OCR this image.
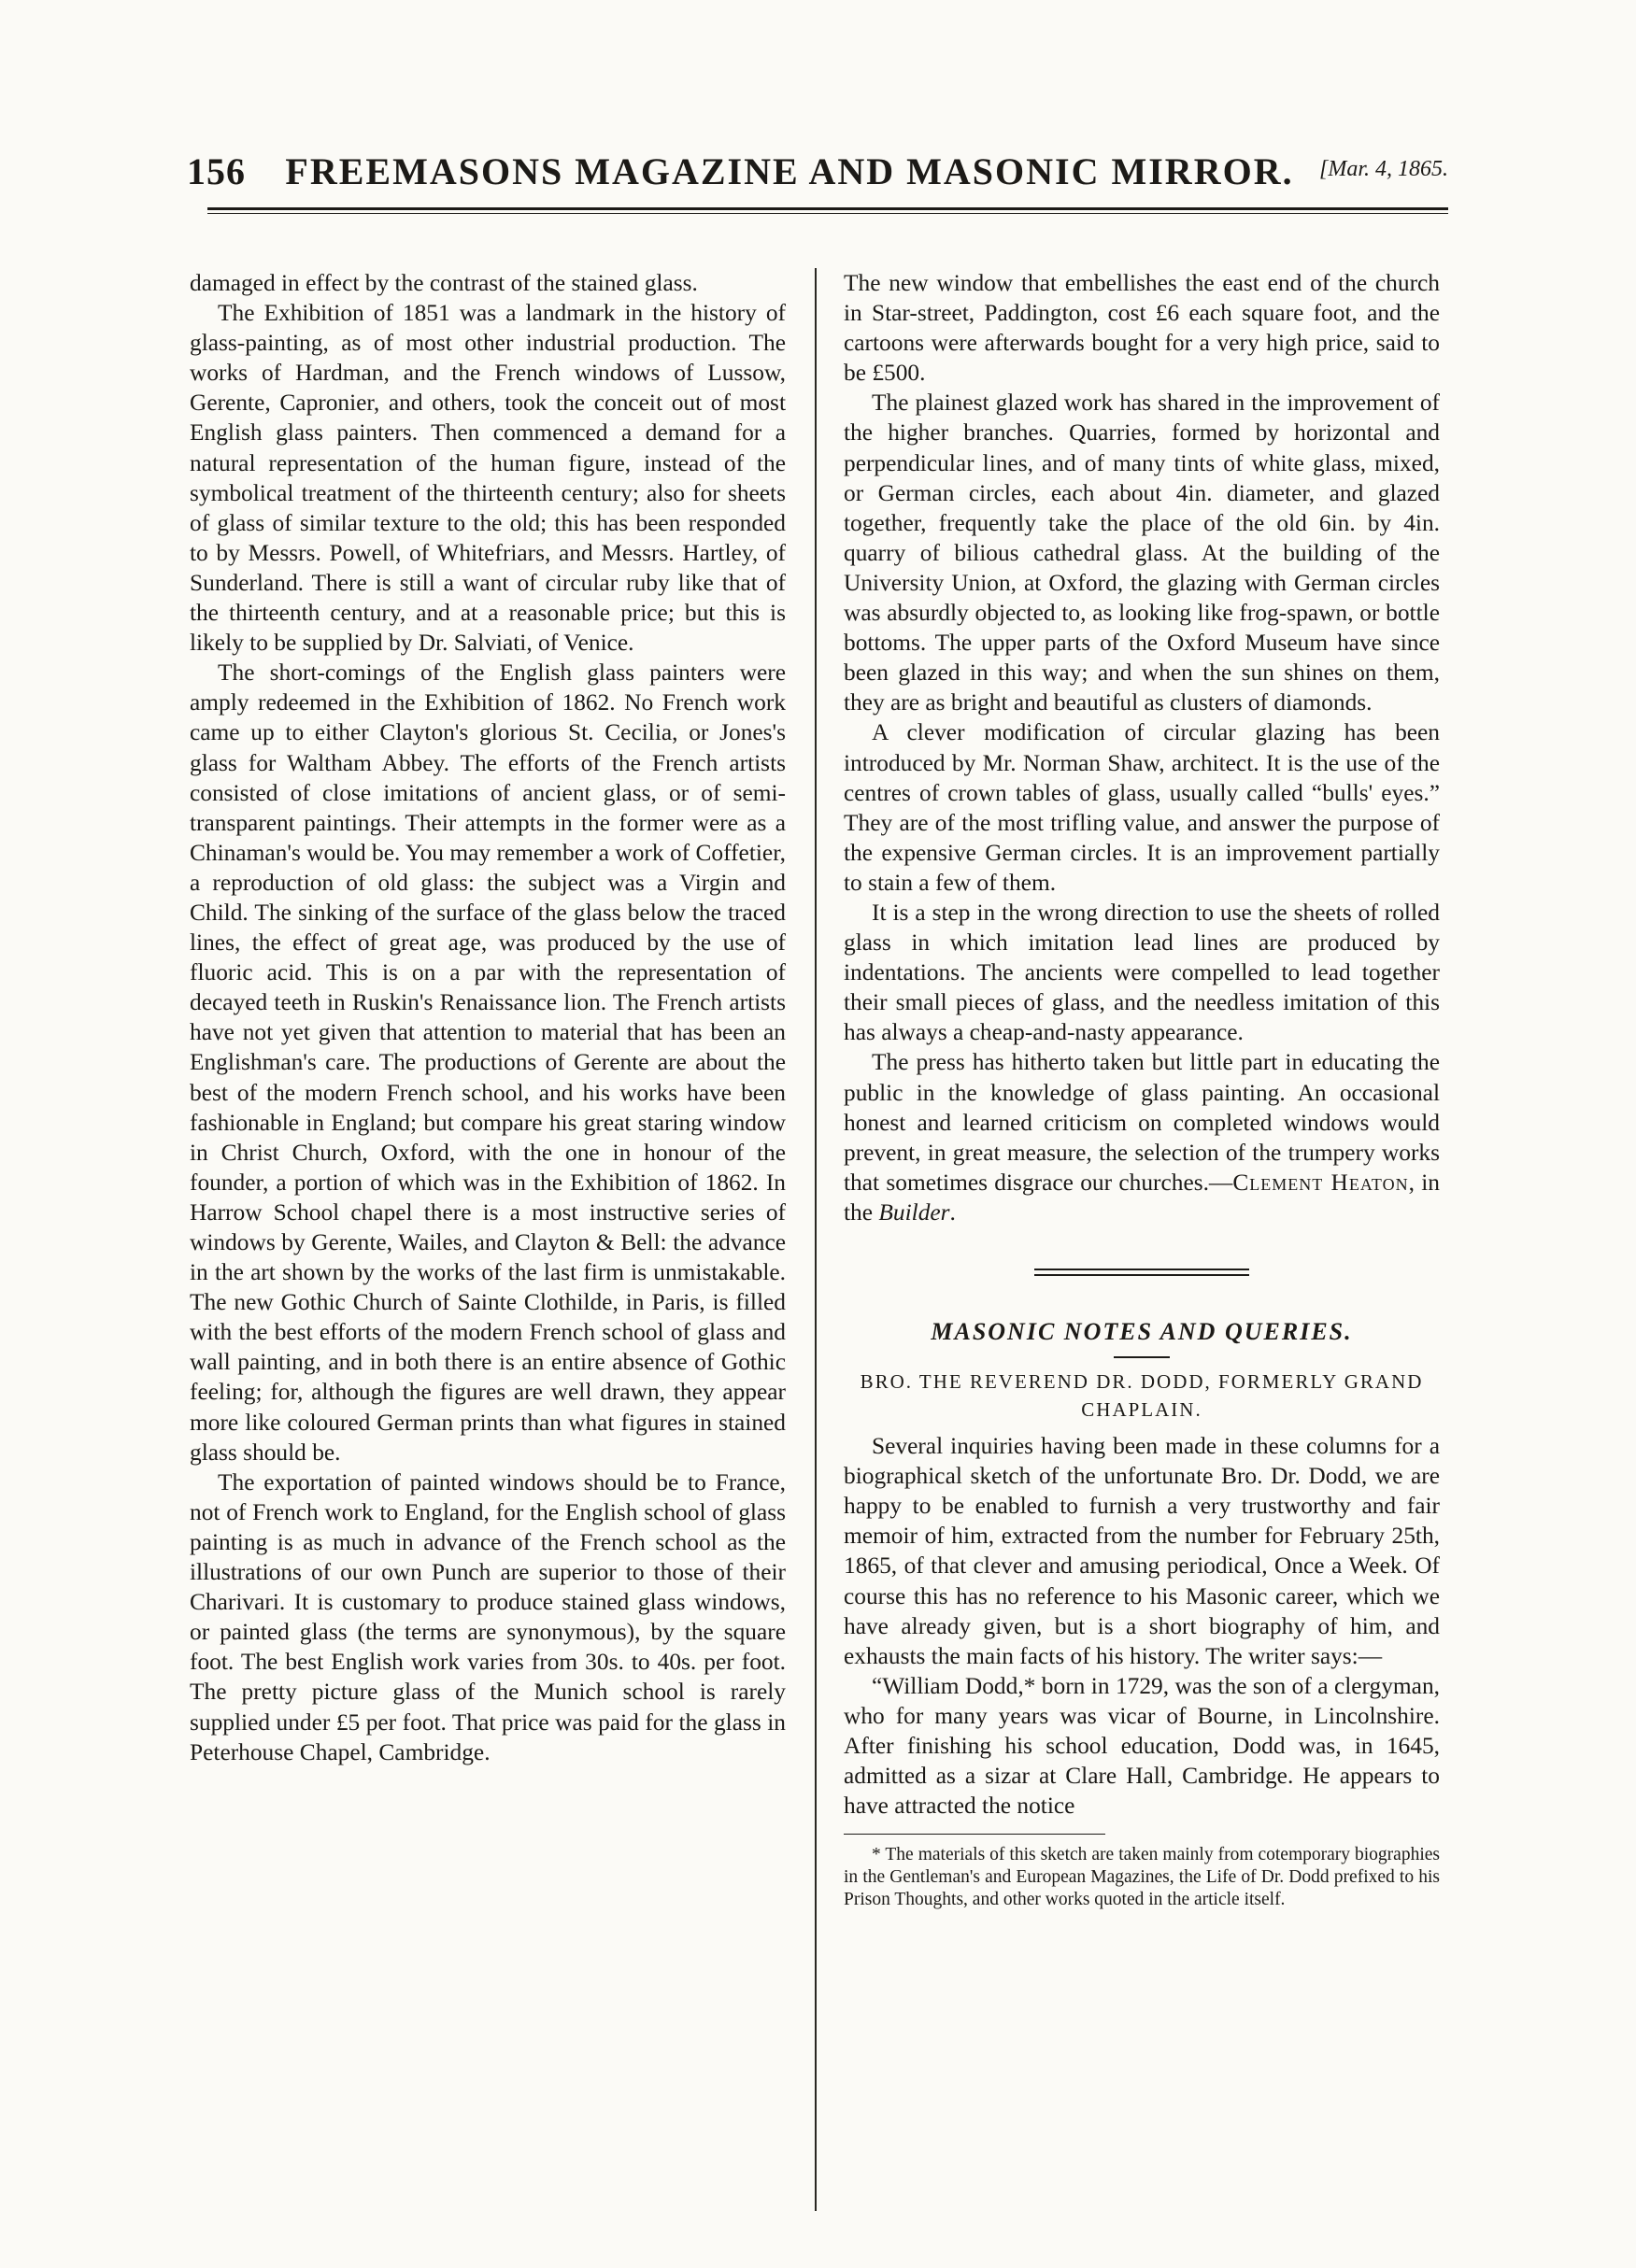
156 FREEMASONS MAGAZINE AND MASONIC MIRROR. [Mar. 4, 1865.

damaged in effect by the contrast of the stained glass.

The Exhibition of 1851 was a landmark in the history of glass-painting, as of most other industrial production. The works of Hardman, and the French windows of Lussow, Gerente, Capronier, and others, took the conceit out of most English glass painters. Then commenced a demand for a natural representation of the human figure, instead of the symbolical treatment of the thirteenth century; also for sheets of glass of similar texture to the old; this has been responded to by Messrs. Powell, of Whitefriars, and Messrs. Hartley, of Sunderland. There is still a want of circular ruby like that of the thirteenth century, and at a reasonable price; but this is likely to be supplied by Dr. Salviati, of Venice.

The short-comings of the English glass painters were amply redeemed in the Exhibition of 1862. No French work came up to either Clayton's glorious St. Cecilia, or Jones's glass for Waltham Abbey. The efforts of the French artists consisted of close imitations of ancient glass, or of semi-transparent paintings. Their attempts in the former were as a Chinaman's would be. You may remember a work of Coffetier, a reproduction of old glass: the subject was a Virgin and Child. The sinking of the surface of the glass below the traced lines, the effect of great age, was produced by the use of fluoric acid. This is on a par with the representation of decayed teeth in Ruskin's Renaissance lion. The French artists have not yet given that attention to material that has been an Englishman's care. The productions of Gerente are about the best of the modern French school, and his works have been fashionable in England; but compare his great staring window in Christ Church, Oxford, with the one in honour of the founder, a portion of which was in the Exhibition of 1862. In Harrow School chapel there is a most instructive series of windows by Gerente, Wailes, and Clayton & Bell: the advance in the art shown by the works of the last firm is unmistakable. The new Gothic Church of Sainte Clothilde, in Paris, is filled with the best efforts of the modern French school of glass and wall painting, and in both there is an entire absence of Gothic feeling; for, although the figures are well drawn, they appear more like coloured German prints than what figures in stained glass should be.

The exportation of painted windows should be to France, not of French work to England, for the English school of glass painting is as much in advance of the French school as the illustrations of our own Punch are superior to those of their Charivari. It is customary to produce stained glass windows, or painted glass (the terms are synonymous), by the square foot. The best English work varies from 30s. to 40s. per foot. The pretty picture glass of the Munich school is rarely supplied under £5 per foot. That price was paid for the glass in Peterhouse Chapel, Cambridge.

The new window that embellishes the east end of the church in Star-street, Paddington, cost £6 each square foot, and the cartoons were afterwards bought for a very high price, said to be £500.

The plainest glazed work has shared in the improvement of the higher branches. Quarries, formed by horizontal and perpendicular lines, and of many tints of white glass, mixed, or German circles, each about 4in. diameter, and glazed together, frequently take the place of the old 6in. by 4in. quarry of bilious cathedral glass. At the building of the University Union, at Oxford, the glazing with German circles was absurdly objected to, as looking like frog-spawn, or bottle bottoms. The upper parts of the Oxford Museum have since been glazed in this way; and when the sun shines on them, they are as bright and beautiful as clusters of diamonds.

A clever modification of circular glazing has been introduced by Mr. Norman Shaw, architect. It is the use of the centres of crown tables of glass, usually called “bulls' eyes.” They are of the most trifling value, and answer the purpose of the expensive German circles. It is an improvement partially to stain a few of them.

It is a step in the wrong direction to use the sheets of rolled glass in which imitation lead lines are produced by indentations. The ancients were compelled to lead together their small pieces of glass, and the needless imitation of this has always a cheap-and-nasty appearance.

The press has hitherto taken but little part in educating the public in the knowledge of glass painting. An occasional honest and learned criticism on completed windows would prevent, in great measure, the selection of the trumpery works that sometimes disgrace our churches.—Clement Heaton, in the Builder.

MASONIC NOTES AND QUERIES.
BRO. THE REVEREND DR. DODD, FORMERLY GRAND CHAPLAIN.

Several inquiries having been made in these columns for a biographical sketch of the unfortunate Bro. Dr. Dodd, we are happy to be enabled to furnish a very trustworthy and fair memoir of him, extracted from the number for February 25th, 1865, of that clever and amusing periodical, Once a Week. Of course this has no reference to his Masonic career, which we have already given, but is a short biography of him, and exhausts the main facts of his history. The writer says:—

“William Dodd,* born in 1729, was the son of a clergyman, who for many years was vicar of Bourne, in Lincolnshire. After finishing his school education, Dodd was, in 1645, admitted as a sizar at Clare Hall, Cambridge. He appears to have attracted the notice

* The materials of this sketch are taken mainly from cotemporary biographies in the Gentleman's and European Magazines, the Life of Dr. Dodd prefixed to his Prison Thoughts, and other works quoted in the article itself.
